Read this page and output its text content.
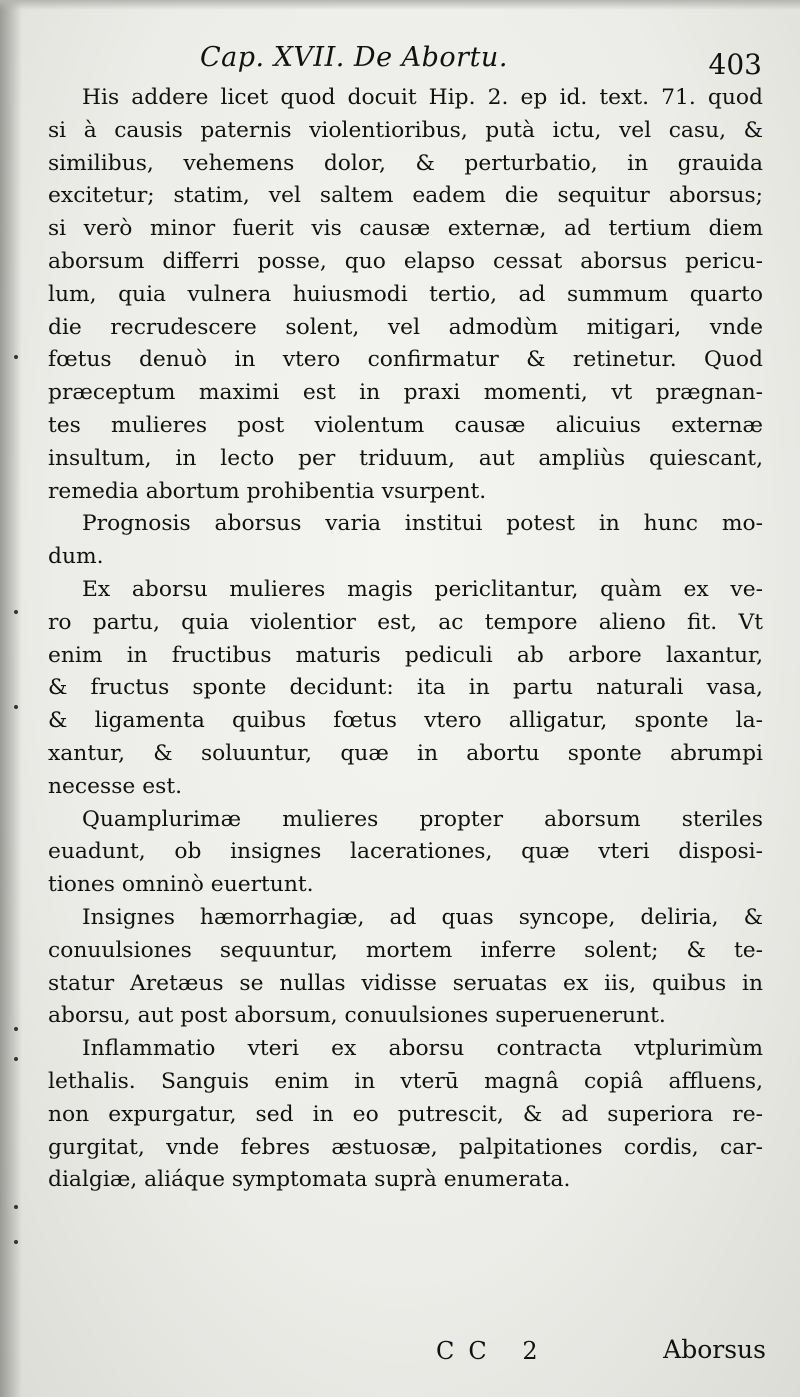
Cap. XVII. De Abortu.	403
His addere licet quod docuit Hip. 2. ep id. text. 71. quod
si à causis paternis violentioribus, putà ictu, vel casu, &
similibus, vehemens dolor, & perturbatio, in grauida
excitetur; statim, vel saltem eadem die sequitur aborsus;
si verò minor fuerit vis causæ externæ, ad tertium diem
aborsum differri posse, quo elapso cessat aborsus pericu-
lum, quia vulnera huiusmodi tertio, ad summum quarto
die recrudescere solent, vel admodùm mitigari, vnde
fœtus denuò in vtero confirmatur & retinetur. Quod
præceptum maximi est in praxi momenti, vt prægnan-
tes mulieres post violentum causæ alicuius externæ
insultum, in lecto per triduum, aut ampliùs quiescant,
remedia abortum prohibentia vsurpent.
Prognosis aborsus varia institui potest in hunc mo-
dum.
Ex aborsu mulieres magis periclitantur, quàm ex ve-
ro partu, quia violentior est, ac tempore alieno fit. Vt
enim in fructibus maturis pediculi ab arbore laxantur,
& fructus sponte decidunt: ita in partu naturali vasa,
& ligamenta quibus fœtus vtero alligatur, sponte la-
xantur, & soluuntur, quæ in abortu sponte abrumpi
necesse est.
Quamplurimæ mulieres propter aborsum steriles
euadunt, ob insignes lacerationes, quæ vteri disposi-
tiones omninò euertunt.
Insignes hæmorrhagiæ, ad quas syncope, deliria, &
conuulsiones sequuntur, mortem inferre solent; & te-
statur Aretæus se nullas vidisse seruatas ex iis, quibus in
aborsu, aut post aborsum, conuulsiones superuenerunt.
Inflammatio vteri ex aborsu contracta vtplurimùm
lethalis. Sanguis enim in vterū magnâ copiâ affluens,
non expurgatur, sed in eo putrescit, & ad superiora re-
gurgitat, vnde febres æstuosæ, palpitationes cordis, car-
dialgiæ, aliáque symptomata suprà enumerata.
CC 2	Aborsus
